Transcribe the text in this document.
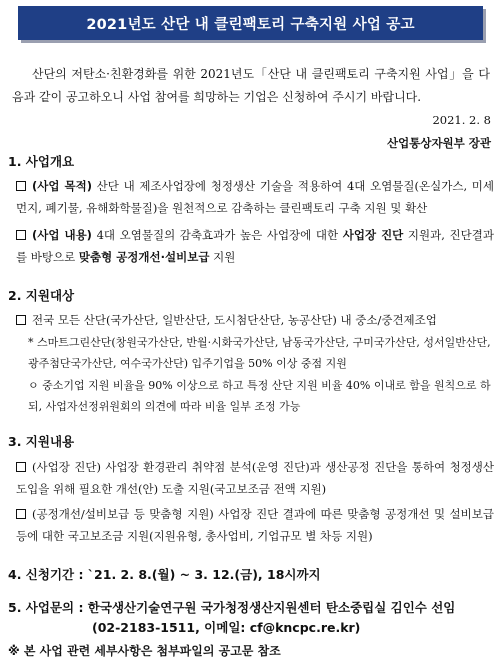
2021년도 산단 내 클린팩토리 구축지원 사업 공고
산단의 저탄소·친환경화를 위한 2021년도「산단 내 클린팩토리 구축지원 사업」을 다음과 같이 공고하오니 사업 참여를 희망하는 기업은 신청하여 주시기 바랍니다.
2021. 2. 8
산업통상자원부 장관
1. 사업개요
(사업 목적) 산단 내 제조사업장에 청정생산 기술을 적용하여 4대 오염물질(온실가스, 미세먼지, 폐기물, 유해화학물질)을 원천적으로 감축하는 클린팩토리 구축 지원 및 확산
(사업 내용) 4대 오염물질의 감축효과가 높은 사업장에 대한 사업장 진단 지원과, 진단결과를 바탕으로 맞춤형 공정개선·설비보급 지원
2. 지원대상
전국 모든 산단(국가산단, 일반산단, 도시첨단산단, 농공산단) 내 중소/중견제조업
* 스마트그린산단(창원국가산단, 반월·시화국가산단, 남동국가산단, 구미국가산단, 성서일반산단, 광주첨단국가산단, 여수국가산단) 입주기업을 50% 이상 중점 지원
ㅇ 중소기업 지원 비율을 90% 이상으로 하고 특정 산단 지원 비율 40% 이내로 함을 원칙으로 하되, 사업자선정위원회의 의견에 따라 비율 일부 조정 가능
3. 지원내용
(사업장 진단) 사업장 환경관리 취약점 분석(운영 진단)과 생산공정 진단을 통하여 청정생산 도입을 위해 필요한 개선(안) 도출 지원(국고보조금 전액 지원)
(공정개선/설비보급 등 맞춤형 지원) 사업장 진단 결과에 따른 맞춤형 공정개선 및 설비보급 등에 대한 국고보조금 지원(지원유형, 총사업비, 기업규모 별 차등 지원)
4. 신청기간 : `21. 2. 8.(월) ~ 3. 12.(금), 18시까지
5. 사업문의 : 한국생산기술연구원 국가청정생산지원센터 탄소중립실 김인수 선임
(02-2183-1511, 이메일: cf@kncpc.re.kr)
※ 본 사업 관련 세부사항은 첨부파일의 공고문 참조
